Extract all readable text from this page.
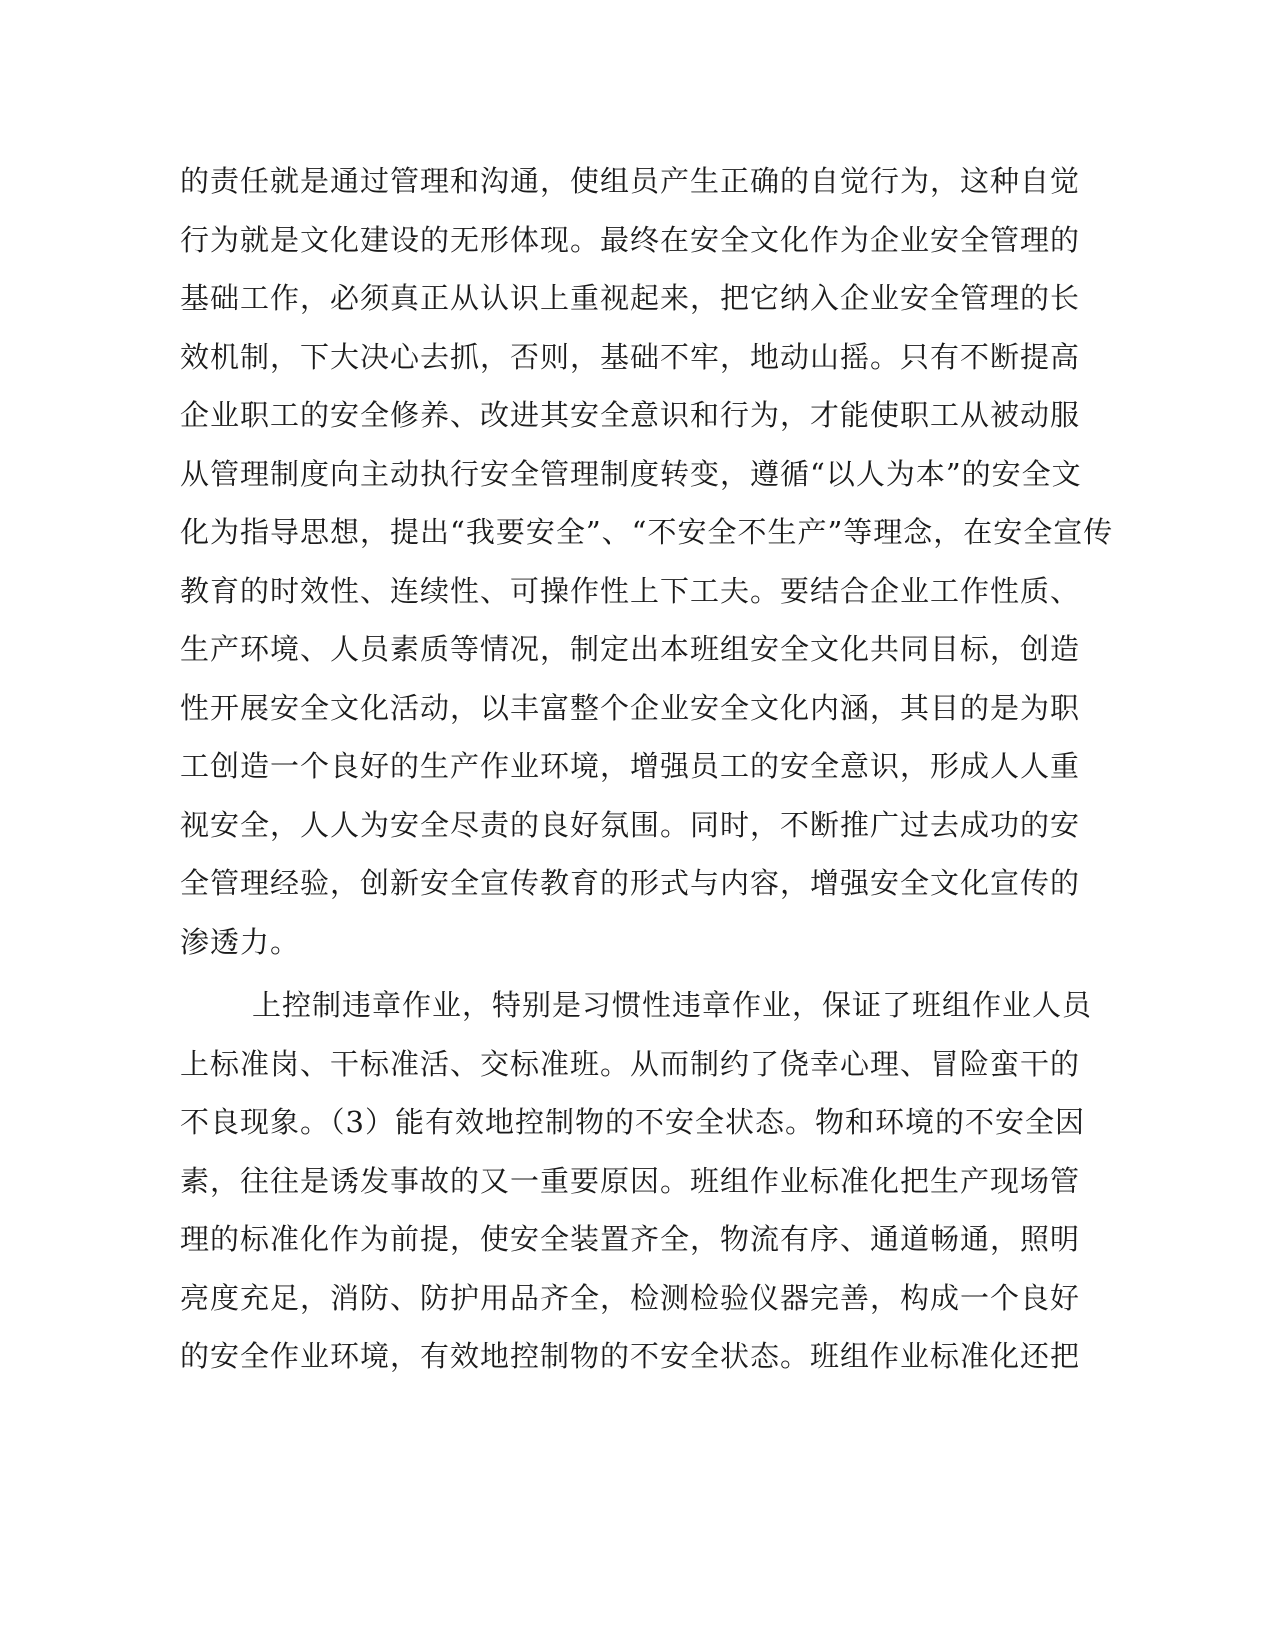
的责任就是通过管理和沟通，使组员产生正确的自觉行为，这种自觉
行为就是文化建设的无形体现。最终在安全文化作为企业安全管理的
基础工作，必须真正从认识上重视起来，把它纳入企业安全管理的长
效机制，下大决心去抓，否则，基础不牢，地动山摇。只有不断提高
企业职工的安全修养、改进其安全意识和行为，才能使职工从被动服
从管理制度向主动执行安全管理制度转变，遵循“以人为本”的安全文
化为指导思想，提出“我要安全”、“不安全不生产”等理念，在安全宣传
教育的时效性、连续性、可操作性上下工夫。要结合企业工作性质、
生产环境、人员素质等情况，制定出本班组安全文化共同目标，创造
性开展安全文化活动，以丰富整个企业安全文化内涵，其目的是为职
工创造一个良好的生产作业环境，增强员工的安全意识，形成人人重
视安全，人人为安全尽责的良好氛围。同时，不断推广过去成功的安
全管理经验，创新安全宣传教育的形式与内容，增强安全文化宣传的
渗透力。
上控制违章作业，特别是习惯性违章作业，保证了班组作业人员
上标准岗、干标准活、交标准班。从而制约了侥幸心理、冒险蛮干的
不良现象。（3）能有效地控制物的不安全状态。物和环境的不安全因
素，往往是诱发事故的又一重要原因。班组作业标准化把生产现场管
理的标准化作为前提，使安全装置齐全，物流有序、通道畅通，照明
亮度充足，消防、防护用品齐全，检测检验仪器完善，构成一个良好
的安全作业环境，有效地控制物的不安全状态。班组作业标准化还把
